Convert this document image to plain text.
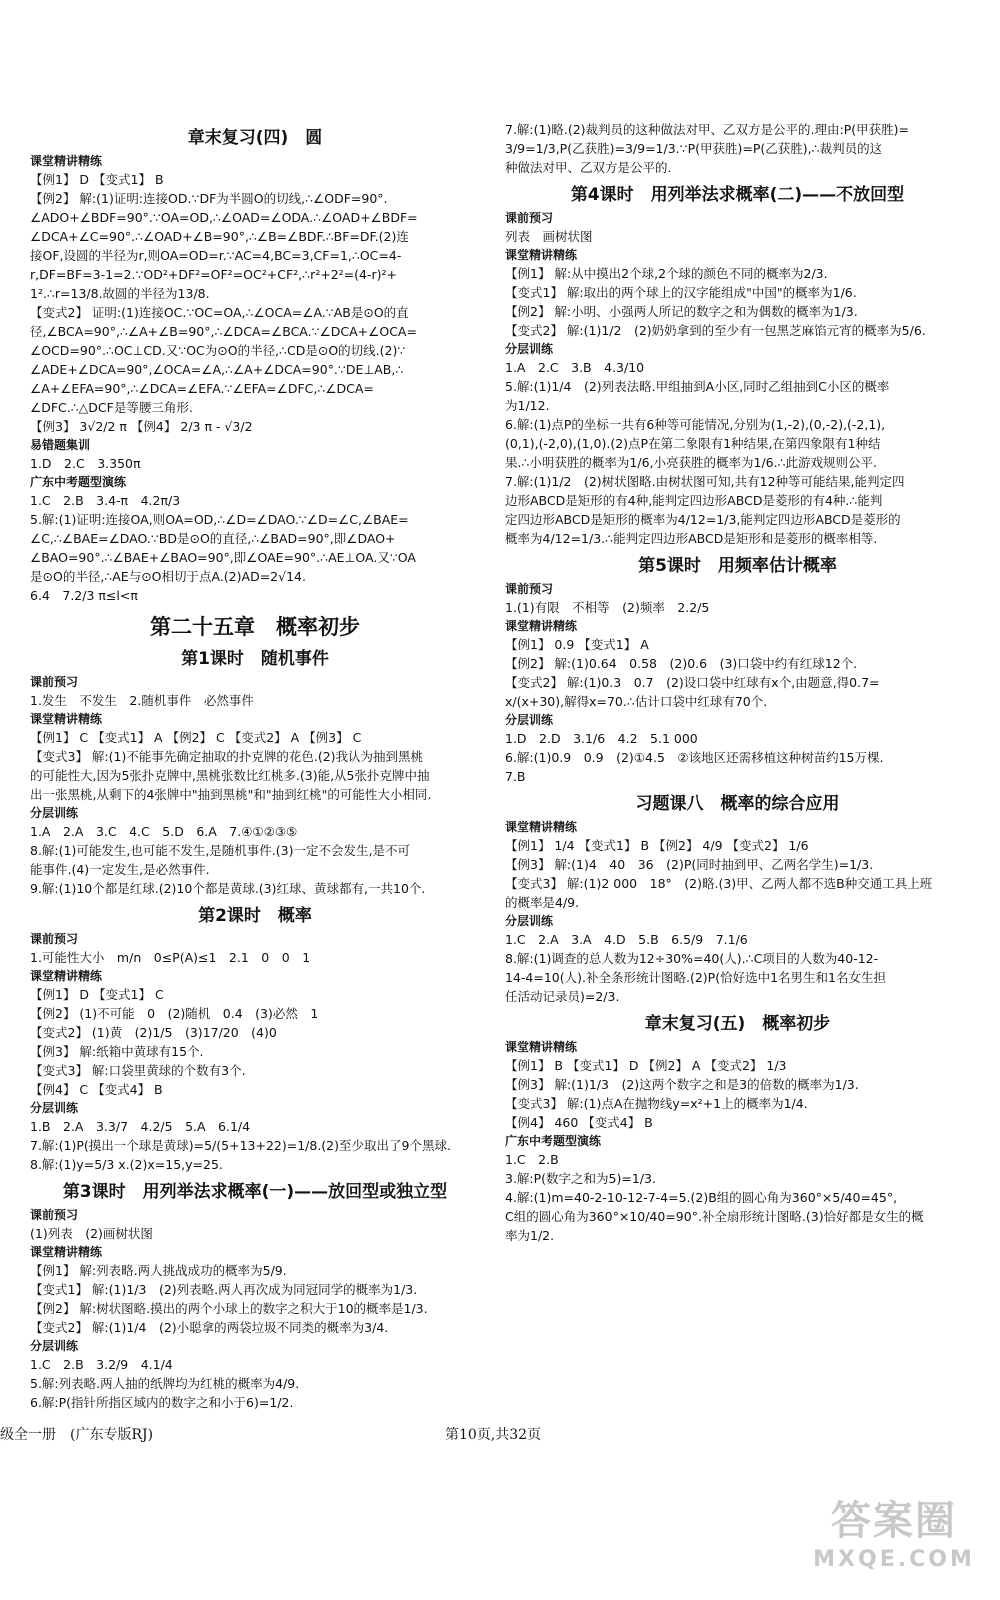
章末复习(四)　圆
课堂精讲精练
【例1】 D 【变式1】 B
【例2】 解:(1)证明:连接OD.∵DF为半圆O的切线,∴∠ODF=90°.
∠ADO+∠BDF=90°.∵OA=OD,∴∠OAD=∠ODA.∴∠OAD+∠BDF=
∠DCA+∠C=90°.∴∠OAD+∠B=90°,∴∠B=∠BDF.∴BF=DF.(2)连
接OF,设圆的半径为r,则OA=OD=r.∵AC=4,BC=3,CF=1,∴OC=4-
r,DF=BF=3-1=2.∵OD²+DF²=OF²=OC²+CF²,∴r²+2²=(4-r)²+
1².∴r=13/8.故圆的半径为13/8.
【变式2】 证明:(1)连接OC.∵OC=OA,∴∠OCA=∠A.∵AB是⊙O的直
径,∠BCA=90°,∴∠A+∠B=90°,∴∠DCA=∠BCA.∵∠DCA+∠OCA=
∠OCD=90°.∴OC⊥CD.又∵OC为⊙O的半径,∴CD是⊙O的切线.(2)∵
∠ADE+∠DCA=90°,∠OCA=∠A,∴∠A+∠DCA=90°.∵DE⊥AB,∴
∠A+∠EFA=90°,∴∠DCA=∠EFA.∵∠EFA=∠DFC,∴∠DCA=
∠DFC.∴△DCF是等腰三角形.
【例3】 3√2/2 π 【例4】 2/3 π - √3/2
易错题集训
1.D　2.C　3.350π
广东中考题型演练
1.C　2.B　3.4-π　4.2π/3
5.解:(1)证明:连接OA,则OA=OD,∴∠D=∠DAO.∵∠D=∠C,∠BAE=
∠C,∴∠BAE=∠DAO.∵BD是⊙O的直径,∴∠BAD=90°,即∠DAO+
∠BAO=90°.∴∠BAE+∠BAO=90°,即∠OAE=90°.∴AE⊥OA.又∵OA
是⊙O的半径,∴AE与⊙O相切于点A.(2)AD=2√14.
6.4　7.2/3 π≤l<π
第二十五章　概率初步
第1课时　随机事件
课前预习
1.发生　不发生　2.随机事件　必然事件
课堂精讲精练
【例1】 C 【变式1】 A 【例2】 C 【变式2】 A 【例3】 C
【变式3】 解:(1)不能事先确定抽取的扑克牌的花色.(2)我认为抽到黑桃
的可能性大,因为5张扑克牌中,黑桃张数比红桃多.(3)能,从5张扑克牌中抽
出一张黑桃,从剩下的4张牌中"抽到黑桃"和"抽到红桃"的可能性大小相同.
分层训练
1.A　2.A　3.C　4.C　5.D　6.A　7.④①②③⑤
8.解:(1)可能发生,也可能不发生,是随机事件.(3)一定不会发生,是不可
能事件.(4)一定发生,是必然事件.
9.解:(1)10个都是红球.(2)10个都是黄球.(3)红球、黄球都有,一共10个.
第2课时　概率
课前预习
1.可能性大小　m/n　0≤P(A)≤1　2.1　0　0　1
课堂精讲精练
【例1】 D 【变式1】 C
【例2】 (1)不可能　0　(2)随机　0.4　(3)必然　1
【变式2】 (1)黄　(2)1/5　(3)17/20　(4)0
【例3】 解:纸箱中黄球有15个.
【变式3】 解:口袋里黄球的个数有3个.
【例4】 C 【变式4】 B
分层训练
1.B　2.A　3.3/7　4.2/5　5.A　6.1/4
7.解:(1)P(摸出一个球是黄球)=5/(5+13+22)=1/8.(2)至少取出了9个黑球.
8.解:(1)y=5/3 x.(2)x=15,y=25.
第3课时　用列举法求概率(一)——放回型或独立型
课前预习
(1)列表　(2)画树状图
课堂精讲精练
【例1】 解:列表略.两人挑战成功的概率为5/9.
【变式1】 解:(1)1/3　(2)列表略.两人再次成为同冠同学的概率为1/3.
【例2】 解:树状图略.摸出的两个小球上的数字之积大于10的概率是1/3.
【变式2】 解:(1)1/4　(2)小聪拿的两袋垃圾不同类的概率为3/4.
分层训练
1.C　2.B　3.2/9　4.1/4
5.解:列表略.两人抽的纸牌均为红桃的概率为4/9.
6.解:P(指针所指区域内的数字之和小于6)=1/2.
7.解:(1)略.(2)裁判员的这种做法对甲、乙双方是公平的.理由:P(甲获胜)=
3/9=1/3,P(乙获胜)=3/9=1/3.∵P(甲获胜)=P(乙获胜),∴裁判员的这
种做法对甲、乙双方是公平的.
第4课时　用列举法求概率(二)——不放回型
课前预习
列表　画树状图
课堂精讲精练
【例1】 解:从中摸出2个球,2个球的颜色不同的概率为2/3.
【变式1】 解:取出的两个球上的汉字能组成"中国"的概率为1/6.
【例2】 解:小明、小强两人所记的数字之和为偶数的概率为1/3.
【变式2】 解:(1)1/2　(2)奶奶拿到的至少有一包黑芝麻馅元宵的概率为5/6.
分层训练
1.A　2.C　3.B　4.3/10
5.解:(1)1/4　(2)列表法略.甲组抽到A小区,同时乙组抽到C小区的概率
为1/12.
6.解:(1)点P的坐标一共有6种等可能情况,分别为(1,-2),(0,-2),(-2,1),
(0,1),(-2,0),(1,0).(2)点P在第二象限有1种结果,在第四象限有1种结
果.∴小明获胜的概率为1/6,小亮获胜的概率为1/6.∴此游戏规则公平.
7.解:(1)1/2　(2)树状图略.由树状图可知,共有12种等可能结果,能判定四
边形ABCD是矩形的有4种,能判定四边形ABCD是菱形的有4种.∴能判
定四边形ABCD是矩形的概率为4/12=1/3,能判定四边形ABCD是菱形的
概率为4/12=1/3.∴能判定四边形ABCD是矩形和是菱形的概率相等.
第5课时　用频率估计概率
课前预习
1.(1)有限　不相等　(2)频率　2.2/5
课堂精讲精练
【例1】 0.9 【变式1】 A
【例2】 解:(1)0.64　0.58　(2)0.6　(3)口袋中约有红球12个.
【变式2】 解:(1)0.3　0.7　(2)设口袋中红球有x个,由题意,得0.7=
x/(x+30),解得x=70.∴估计口袋中红球有70个.
分层训练
1.D　2.D　3.1/6　4.2　5.1 000
6.解:(1)0.9　0.9　(2)①4.5　②该地区还需移植这种树苗约15万棵.
7.B
习题课八　概率的综合应用
课堂精讲精练
【例1】 1/4 【变式1】 B 【例2】 4/9 【变式2】 1/6
【例3】 解:(1)4　40　36　(2)P(同时抽到甲、乙两名学生)=1/3.
【变式3】 解:(1)2 000　18°　(2)略.(3)甲、乙两人都不选B种交通工具上班
的概率是4/9.
分层训练
1.C　2.A　3.A　4.D　5.B　6.5/9　7.1/6
8.解:(1)调查的总人数为12÷30%=40(人).∴C项目的人数为40-12-
14-4=10(人).补全条形统计图略.(2)P(恰好选中1名男生和1名女生担
任活动记录员)=2/3.
章末复习(五)　概率初步
课堂精讲精练
【例1】 B 【变式1】 D 【例2】 A 【变式2】 1/3
【例3】 解:(1)1/3　(2)这两个数字之和是3的倍数的概率为1/3.
【变式3】 解:(1)点A在抛物线y=x²+1上的概率为1/4.
【例4】 460 【变式4】 B
广东中考题型演练
1.C　2.B
3.解:P(数字之和为5)=1/3.
4.解:(1)m=40-2-10-12-7-4=5.(2)B组的圆心角为360°×5/40=45°,
C组的圆心角为360°×10/40=90°.补全扇形统计图略.(3)恰好都是女生的概
率为1/2.
级全一册　(广东专版RJ)	第10页,共32页
答案圈
MXQE.COM
